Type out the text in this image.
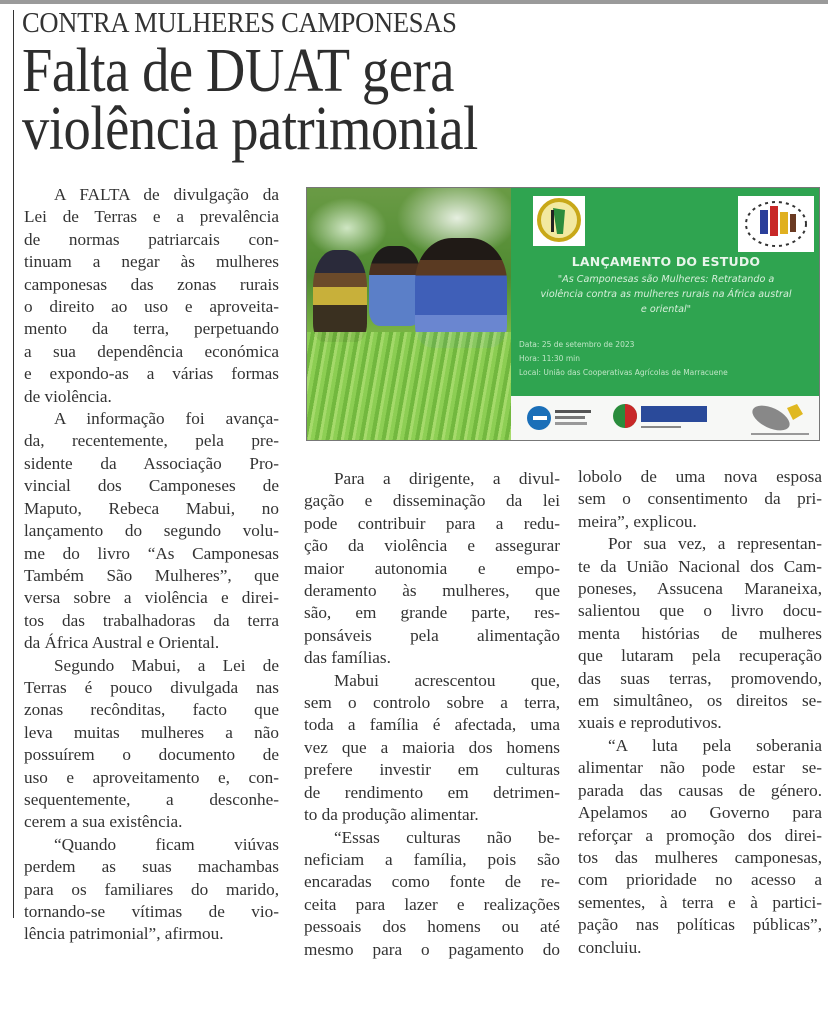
CONTRA MULHERES CAMPONESAS
Falta de DUAT gera
violência patrimonial
LANÇAMENTO DO ESTUDO
"As Camponesas são Mulheres: Retratando a
violência contra as mulheres rurais na África austral
e oriental"
Data: 25 de setembro de 2023
Hora: 11:30 min
Local: União das Cooperativas Agrícolas de Marracuene
A FALTA de divulgação da
Lei de Terras e a prevalência
de normas patriarcais con-
tinuam a negar às mulheres
camponesas das zonas rurais
o direito ao uso e aproveita-
mento da terra, perpetuando
a sua dependência económica
e expondo-as a várias formas
de violência.
A informação foi avança-
da, recentemente, pela pre-
sidente da Associação Pro-
vincial dos Camponeses de
Maputo, Rebeca Mabui, no
lançamento do segundo volu-
me do livro “As Camponesas
Também São Mulheres”, que
versa sobre a violência e direi-
tos das trabalhadoras da terra
da África Austral e Oriental.
Segundo Mabui, a Lei de
Terras é pouco divulgada nas
zonas recônditas, facto que
leva muitas mulheres a não
possuírem o documento de
uso e aproveitamento e, con-
sequentemente, a desconhe-
cerem a sua existência.
“Quando ficam viúvas
perdem as suas machambas
para os familiares do marido,
tornando-se vítimas de vio-
lência patrimonial”, afirmou.
Para a dirigente, a divul-
gação e disseminação da lei
pode contribuir para a redu-
ção da violência e assegurar
maior autonomia e empo-
deramento às mulheres, que
são, em grande parte, res-
ponsáveis pela alimentação
das famílias.
Mabui acrescentou que,
sem o controlo sobre a terra,
toda a família é afectada, uma
vez que a maioria dos homens
prefere investir em culturas
de rendimento em detrimen-
to da produção alimentar.
“Essas culturas não be-
neficiam a família, pois são
encaradas como fonte de re-
ceita para lazer e realizações
pessoais dos homens ou até
mesmo para o pagamento do
lobolo de uma nova esposa
sem o consentimento da pri-
meira”, explicou.
Por sua vez, a representan-
te da União Nacional dos Cam-
poneses, Assucena Maraneixa,
salientou que o livro docu-
menta histórias de mulheres
que lutaram pela recuperação
das suas terras, promovendo,
em simultâneo, os direitos se-
xuais e reprodutivos.
“A luta pela soberania
alimentar não pode estar se-
parada das causas de género.
Apelamos ao Governo para
reforçar a promoção dos direi-
tos das mulheres camponesas,
com prioridade no acesso a
sementes, à terra e à partici-
pação nas políticas públicas”,
concluiu.
